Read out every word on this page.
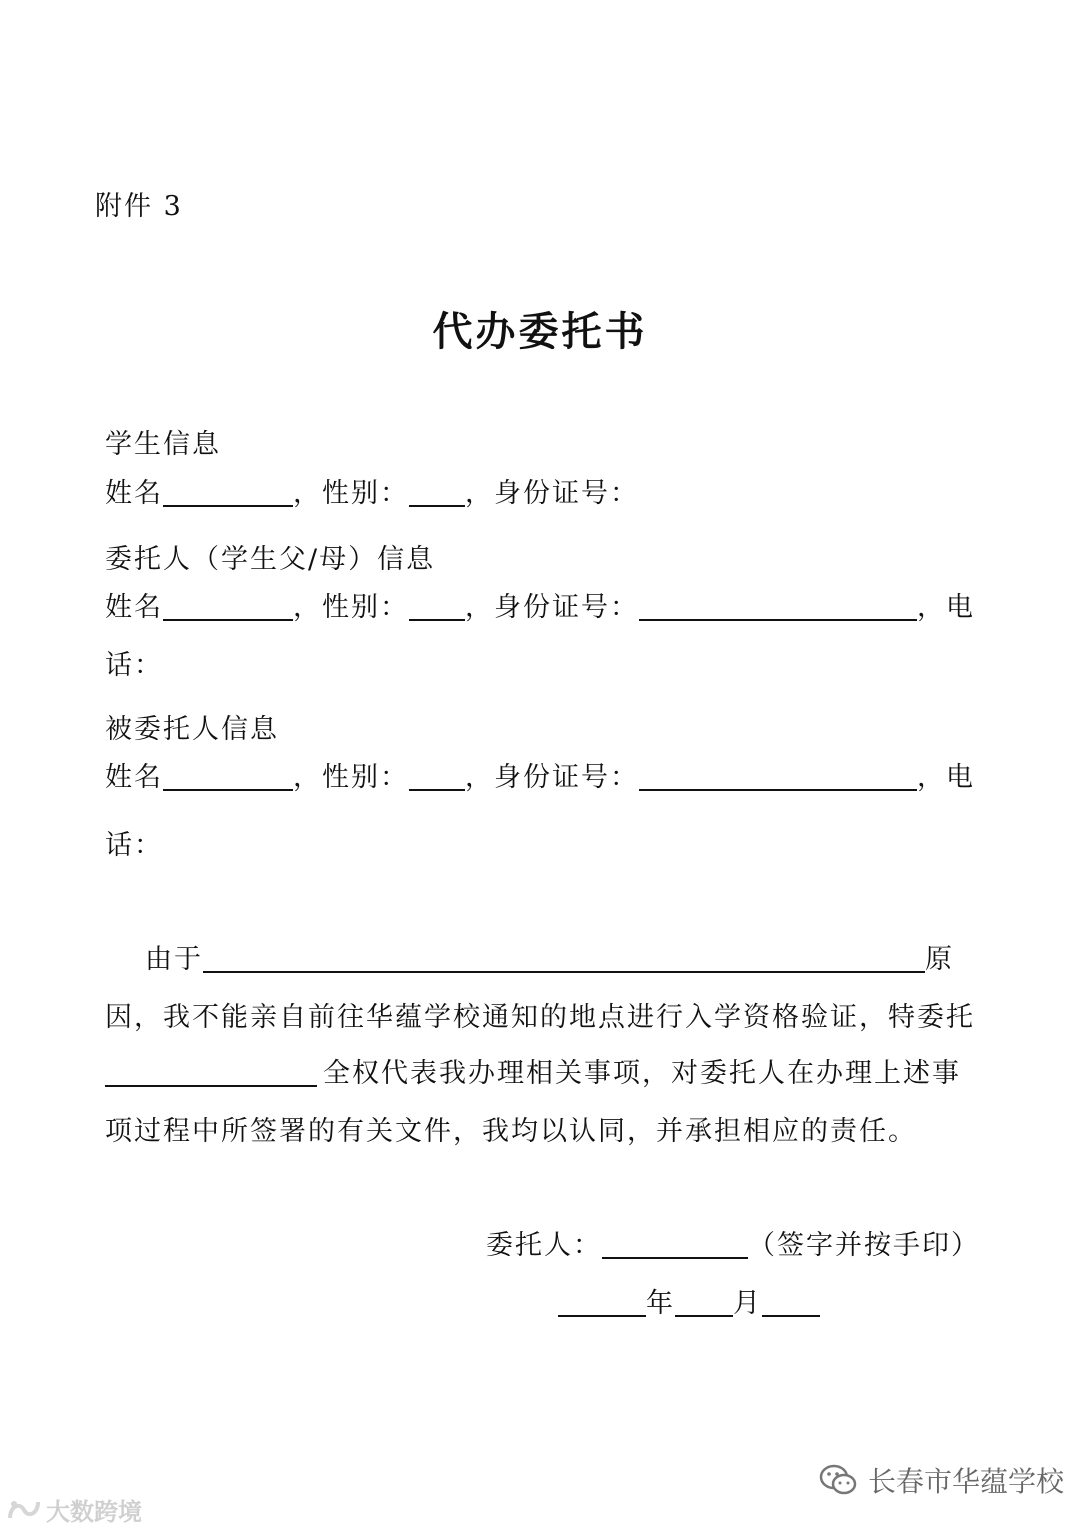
附件 3
代办委托书
学生信息
姓名	，性别： ，身份证号：
委托人（学生父/母）信息
姓名	，性别： ，身份证号：	，电
话：
被委托人信息
姓名	，性别： ，身份证号：	，电
话：
由于	原
因，我不能亲自前往华蕴学校通知的地点进行入学资格验证，特委托
全权代表我办理相关事项，对委托人在办理上述事
项过程中所签署的有关文件，我均以认同，并承担相应的责任。
委托人：	（签字并按手印）
年 月
大数跨境
长春市华蕴学校
